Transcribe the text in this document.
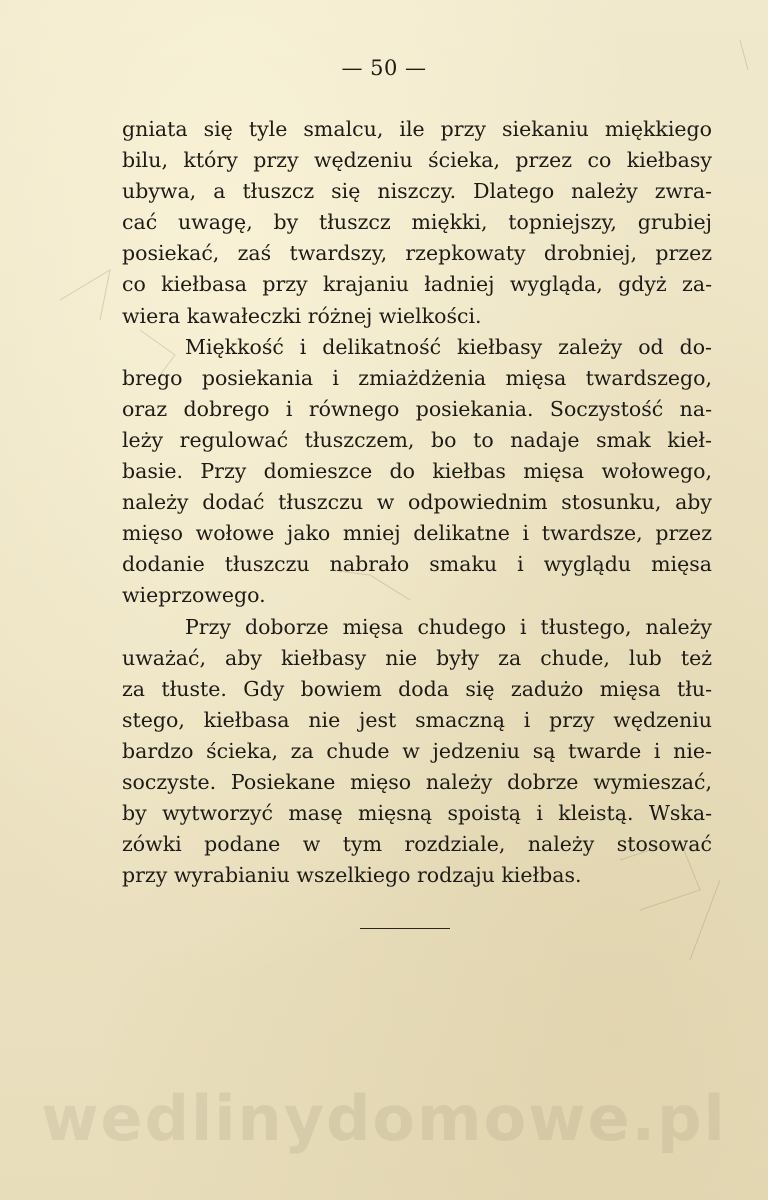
— 50 —
gniata się tyle smalcu, ile przy siekaniu miękkiego
bilu, który przy wędzeniu ścieka, przez co kiełbasy
ubywa, a tłuszcz się niszczy. Dlatego należy zwra-
cać uwagę, by tłuszcz miękki, topniejszy, grubiej
posiekać, zaś twardszy, rzepkowaty drobniej, przez
co kiełbasa przy krajaniu ładniej wygląda, gdyż za-
wiera kawałeczki różnej wielkości.
Miękkość i delikatność kiełbasy zależy od do-
brego posiekania i zmiażdżenia mięsa twardszego,
oraz dobrego i równego posiekania. Soczystość na-
leży regulować tłuszczem, bo to nadaje smak kieł-
basie. Przy domieszce do kiełbas mięsa wołowego,
należy dodać tłuszczu w odpowiednim stosunku, aby
mięso wołowe jako mniej delikatne i twardsze, przez
dodanie tłuszczu nabrało smaku i wyglądu mięsa
wieprzowego.
Przy doborze mięsa chudego i tłustego, należy
uważać, aby kiełbasy nie były za chude, lub też
za tłuste. Gdy bowiem doda się zadużo mięsa tłu-
stego, kiełbasa nie jest smaczną i przy wędzeniu
bardzo ścieka, za chude w jedzeniu są twarde i nie-
soczyste. Posiekane mięso należy dobrze wymieszać,
by wytworzyć masę mięsną spoistą i kleistą. Wska-
zówki podane w tym rozdziale, należy stosować
przy wyrabianiu wszelkiego rodzaju kiełbas.
wedlinydomowe.pl
